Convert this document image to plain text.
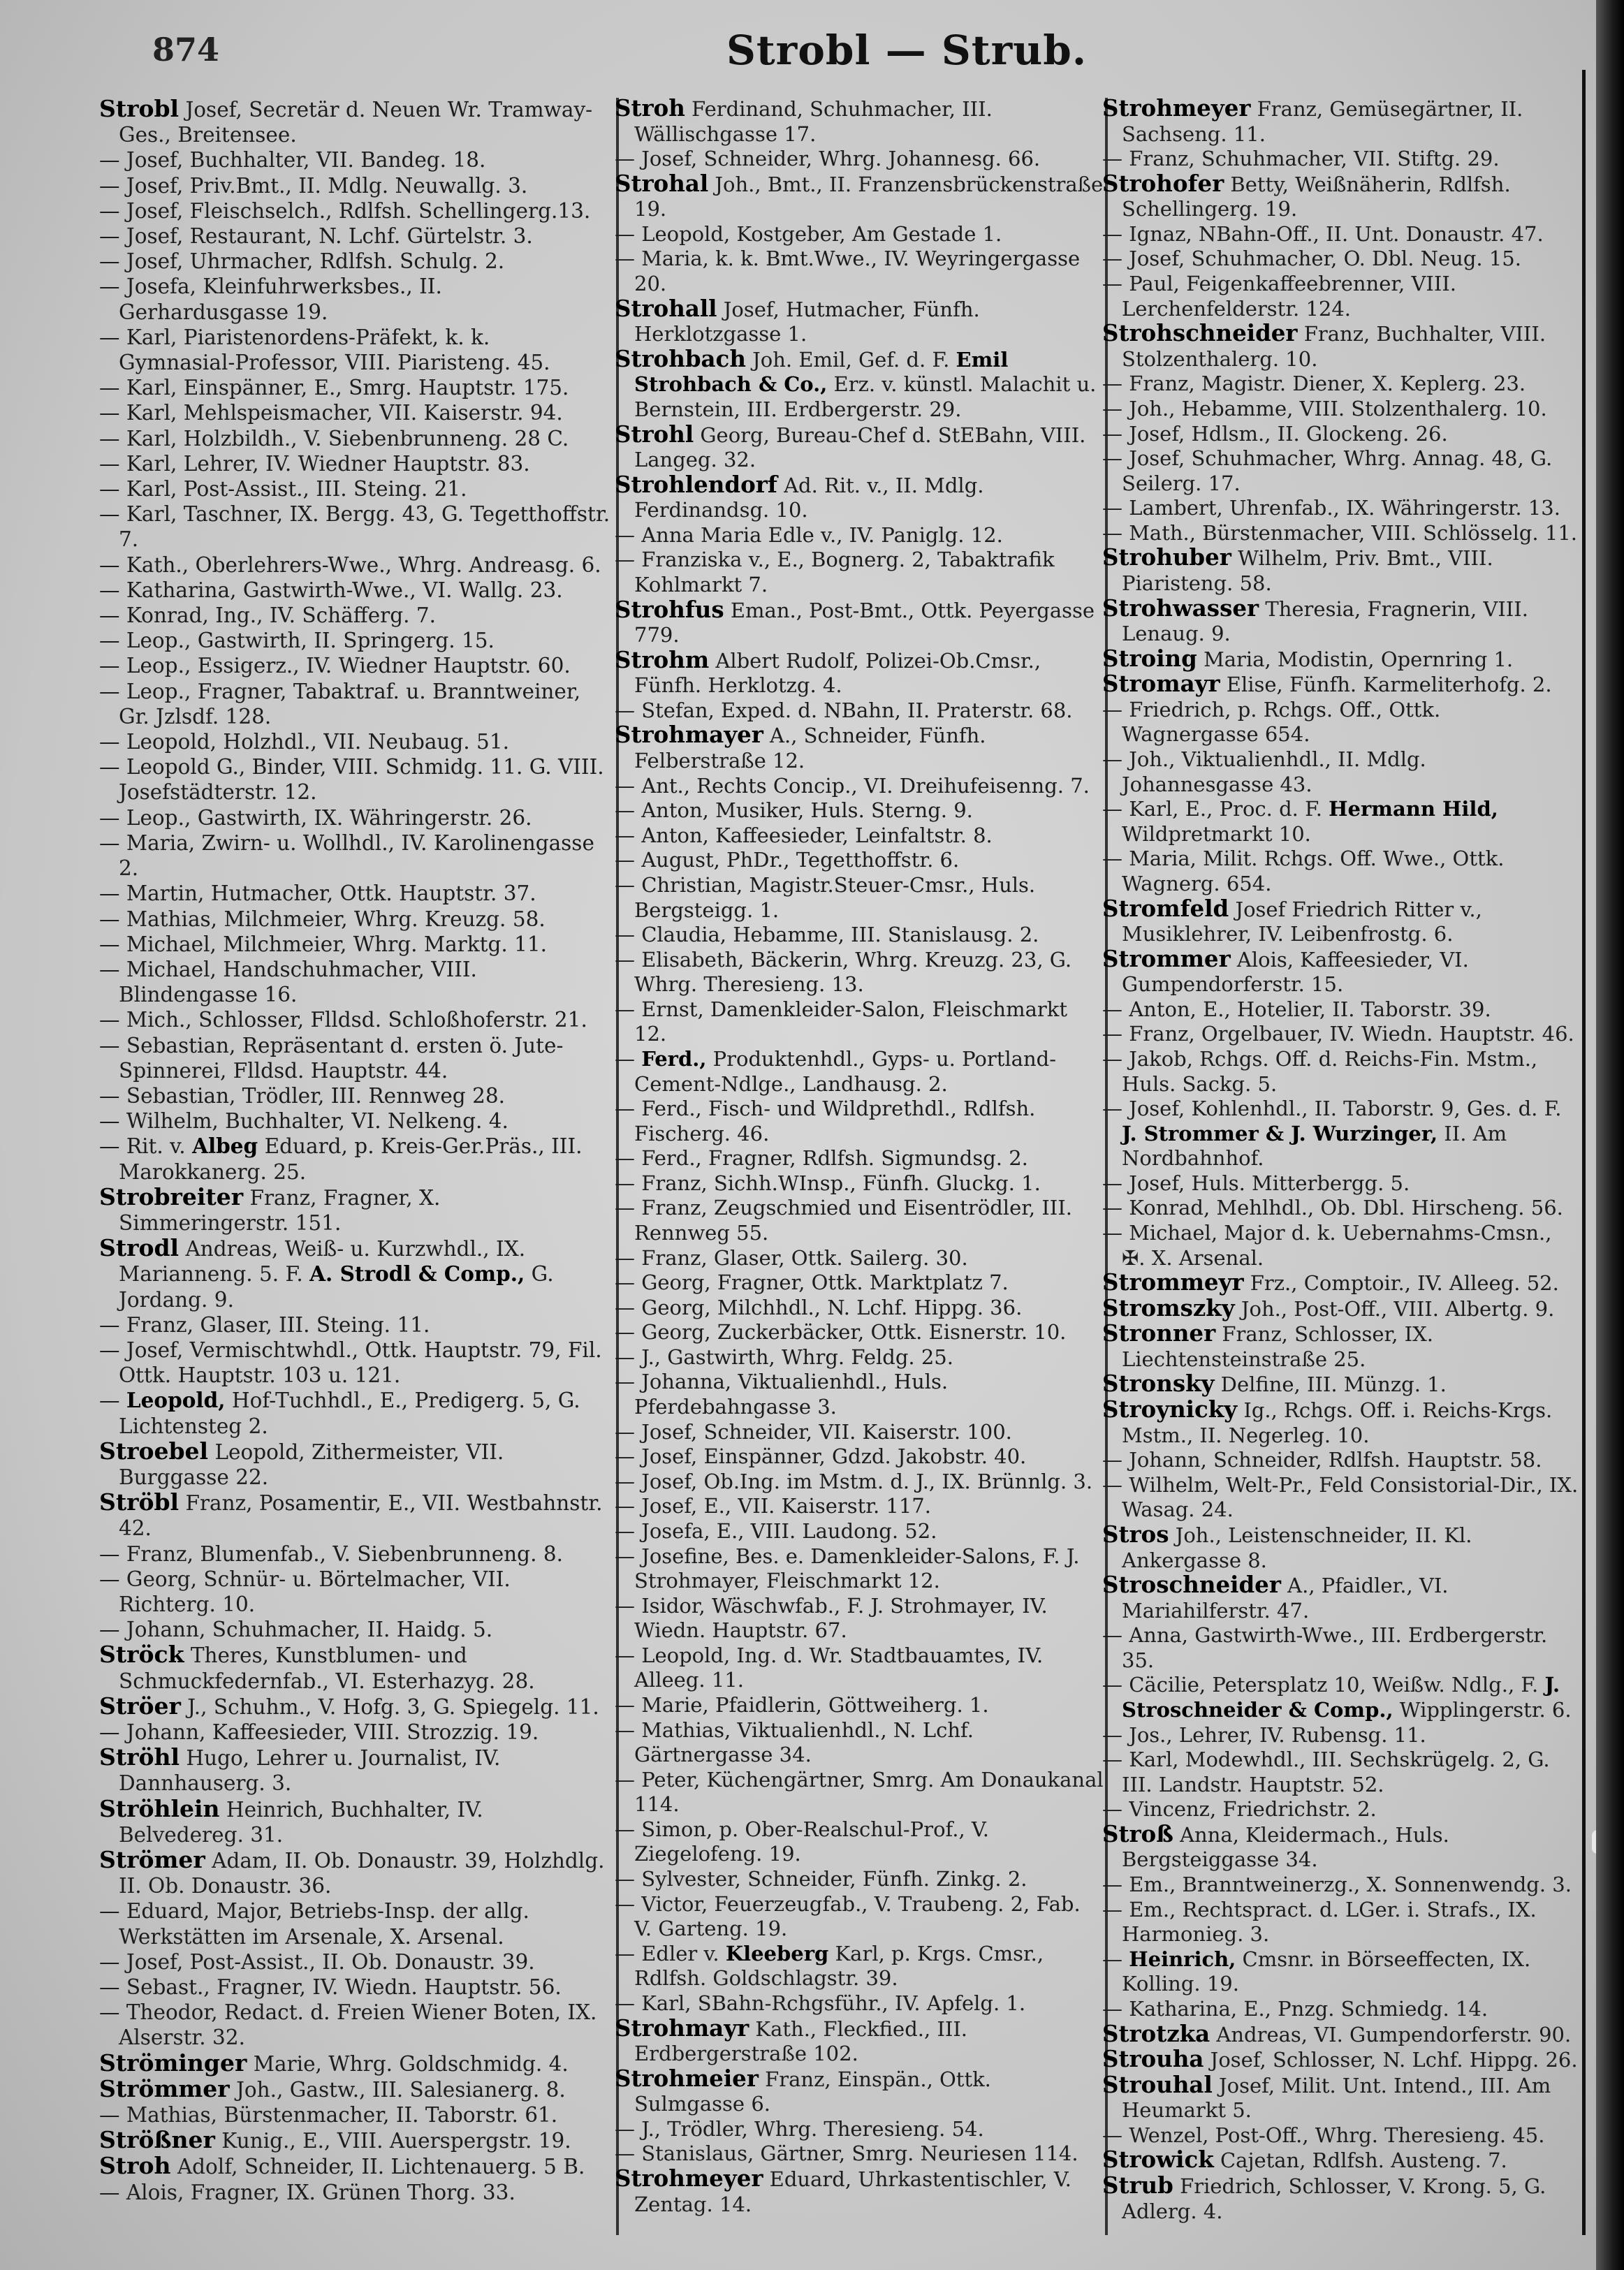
874	Strobl — Strub.
Strobl Josef, Secretär d. Neuen Wr. Tramway-Ges., Breitensee.
— Josef, Buchhalter, VII. Bandeg. 18.
— Josef, Priv.Bmt., II. Mdlg. Neuwallg. 3.
— Josef, Fleischselch., Rdlfsh. Schellingerg.13.
— Josef, Restaurant, N. Lchf. Gürtelstr. 3.
— Josef, Uhrmacher, Rdlfsh. Schulg. 2.
— Josefa, Kleinfuhrwerksbes., II. Gerhardusgasse 19.
— Karl, Piaristenordens-Präfekt, k. k. Gymnasial-Professor, VIII. Piaristeng. 45.
— Karl, Einspänner, E., Smrg. Hauptstr. 175.
— Karl, Mehlspeismacher, VII. Kaiserstr. 94.
— Karl, Holzbildh., V. Siebenbrunneng. 28 C.
— Karl, Lehrer, IV. Wiedner Hauptstr. 83.
— Karl, Post-Assist., III. Steing. 21.
— Karl, Taschner, IX. Bergg. 43, G. Tegetthoffstr. 7.
— Kath., Oberlehrers-Wwe., Whrg. Andreasg. 6.
— Katharina, Gastwirth-Wwe., VI. Wallg. 23.
— Konrad, Ing., IV. Schäfferg. 7.
— Leop., Gastwirth, II. Springerg. 15.
— Leop., Essigerz., IV. Wiedner Hauptstr. 60.
— Leop., Fragner, Tabaktraf. u. Branntweiner, Gr. Jzlsdf. 128.
— Leopold, Holzhdl., VII. Neubaug. 51.
— Leopold G., Binder, VIII. Schmidg. 11. G. VIII. Josefstädterstr. 12.
— Leop., Gastwirth, IX. Währingerstr. 26.
— Maria, Zwirn- u. Wollhdl., IV. Karolinengasse 2.
— Martin, Hutmacher, Ottk. Hauptstr. 37.
— Mathias, Milchmeier, Whrg. Kreuzg. 58.
— Michael, Milchmeier, Whrg. Marktg. 11.
— Michael, Handschuhmacher, VIII. Blindengasse 16.
— Mich., Schlosser, Flldsd. Schloßhoferstr. 21.
— Sebastian, Repräsentant d. ersten ö. Jute-Spinnerei, Flldsd. Hauptstr. 44.
— Sebastian, Trödler, III. Rennweg 28.
— Wilhelm, Buchhalter, VI. Nelkeng. 4.
— Rit. v. Albeg Eduard, p. Kreis-Ger.Präs., III. Marokkanerg. 25.
Strobreiter Franz, Fragner, X. Simmeringerstr. 151.
Strodl Andreas, Weiß- u. Kurzwhdl., IX. Marianneng. 5. F. A. Strodl & Comp., G. Jordang. 9.
— Franz, Glaser, III. Steing. 11.
— Josef, Vermischtwhdl., Ottk. Hauptstr. 79, Fil. Ottk. Hauptstr. 103 u. 121.
— Leopold, Hof-Tuchhdl., E., Predigerg. 5, G. Lichtensteg 2.
Stroebel Leopold, Zithermeister, VII. Burggasse 22.
Ströbl Franz, Posamentir, E., VII. Westbahnstr. 42.
— Franz, Blumenfab., V. Siebenbrunneng. 8.
— Georg, Schnür- u. Börtelmacher, VII. Richterg. 10.
— Johann, Schuhmacher, II. Haidg. 5.
Ströck Theres, Kunstblumen- und Schmuckfedernfab., VI. Esterhazyg. 28.
Ströer J., Schuhm., V. Hofg. 3, G. Spiegelg. 11.
— Johann, Kaffeesieder, VIII. Strozzig. 19.
Ströhl Hugo, Lehrer u. Journalist, IV. Dannhauserg. 3.
Ströhlein Heinrich, Buchhalter, IV. Belvedereg. 31.
Strömer Adam, II. Ob. Donaustr. 39, Holzhdlg. II. Ob. Donaustr. 36.
— Eduard, Major, Betriebs-Insp. der allg. Werkstätten im Arsenale, X. Arsenal.
— Josef, Post-Assist., II. Ob. Donaustr. 39.
— Sebast., Fragner, IV. Wiedn. Hauptstr. 56.
— Theodor, Redact. d. Freien Wiener Boten, IX. Alserstr. 32.
Ströminger Marie, Whrg. Goldschmidg. 4.
Strömmer Joh., Gastw., III. Salesianerg. 8.
— Mathias, Bürstenmacher, II. Taborstr. 61.
Strößner Kunig., E., VIII. Auerspergstr. 19.
Stroh Adolf, Schneider, II. Lichtenauerg. 5 B.
— Alois, Fragner, IX. Grünen Thorg. 33.
Stroh Ferdinand, Schuhmacher, III. Wällischgasse 17.
— Josef, Schneider, Whrg. Johannesg. 66.
Strohal Joh., Bmt., II. Franzensbrückenstraße 19.
— Leopold, Kostgeber, Am Gestade 1.
— Maria, k. k. Bmt.Wwe., IV. Weyringergasse 20.
Strohall Josef, Hutmacher, Fünfh. Herklotzgasse 1.
Strohbach Joh. Emil, Gef. d. F. Emil Strohbach & Co., Erz. v. künstl. Malachit u. Bernstein, III. Erdbergerstr. 29.
Strohl Georg, Bureau-Chef d. StEBahn, VIII. Langeg. 32.
Strohlendorf Ad. Rit. v., II. Mdlg. Ferdinandsg. 10.
— Anna Maria Edle v., IV. Paniglg. 12.
— Franziska v., E., Bognerg. 2, Tabaktrafik Kohlmarkt 7.
Strohfus Eman., Post-Bmt., Ottk. Peyergasse 779.
Strohm Albert Rudolf, Polizei-Ob.Cmsr., Fünfh. Herklotzg. 4.
— Stefan, Exped. d. NBahn, II. Praterstr. 68.
Strohmayer A., Schneider, Fünfh. Felberstraße 12.
— Ant., Rechts Concip., VI. Dreihufeisenng. 7.
— Anton, Musiker, Huls. Sterng. 9.
— Anton, Kaffeesieder, Leinfaltstr. 8.
— August, PhDr., Tegetthoffstr. 6.
— Christian, Magistr.Steuer-Cmsr., Huls. Bergsteigg. 1.
— Claudia, Hebamme, III. Stanislausg. 2.
— Elisabeth, Bäckerin, Whrg. Kreuzg. 23, G. Whrg. Theresieng. 13.
— Ernst, Damenkleider-Salon, Fleischmarkt 12.
— Ferd., Produktenhdl., Gyps- u. Portland-Cement-Ndlge., Landhausg. 2.
— Ferd., Fisch- und Wildprethdl., Rdlfsh. Fischerg. 46.
— Ferd., Fragner, Rdlfsh. Sigmundsg. 2.
— Franz, Sichh.WInsp., Fünfh. Gluckg. 1.
— Franz, Zeugschmied und Eisentrödler, III. Rennweg 55.
— Franz, Glaser, Ottk. Sailerg. 30.
— Georg, Fragner, Ottk. Marktplatz 7.
— Georg, Milchhdl., N. Lchf. Hippg. 36.
— Georg, Zuckerbäcker, Ottk. Eisnerstr. 10.
— J., Gastwirth, Whrg. Feldg. 25.
— Johanna, Viktualienhdl., Huls. Pferdebahngasse 3.
— Josef, Schneider, VII. Kaiserstr. 100.
— Josef, Einspänner, Gdzd. Jakobstr. 40.
— Josef, Ob.Ing. im Mstm. d. J., IX. Brünnlg. 3.
— Josef, E., VII. Kaiserstr. 117.
— Josefa, E., VIII. Laudong. 52.
— Josefine, Bes. e. Damenkleider-Salons, F. J. Strohmayer, Fleischmarkt 12.
— Isidor, Wäschwfab., F. J. Strohmayer, IV. Wiedn. Hauptstr. 67.
— Leopold, Ing. d. Wr. Stadtbauamtes, IV. Alleeg. 11.
— Marie, Pfaidlerin, Göttweiherg. 1.
— Mathias, Viktualienhdl., N. Lchf. Gärtnergasse 34.
— Peter, Küchengärtner, Smrg. Am Donaukanal 114.
— Simon, p. Ober-Realschul-Prof., V. Ziegelofeng. 19.
— Sylvester, Schneider, Fünfh. Zinkg. 2.
— Victor, Feuerzeugfab., V. Traubeng. 2, Fab. V. Garteng. 19.
— Edler v. Kleeberg Karl, p. Krgs. Cmsr., Rdlfsh. Goldschlagstr. 39.
— Karl, SBahn-Rchgsführ., IV. Apfelg. 1.
Strohmayr Kath., Fleckfied., III. Erdbergerstraße 102.
Strohmeier Franz, Einspän., Ottk. Sulmgasse 6.
— J., Trödler, Whrg. Theresieng. 54.
— Stanislaus, Gärtner, Smrg. Neuriesen 114.
Strohmeyer Eduard, Uhrkastentischler, V. Zentag. 14.
Strohmeyer Franz, Gemüsegärtner, II. Sachseng. 11.
— Franz, Schuhmacher, VII. Stiftg. 29.
Strohofer Betty, Weißnäherin, Rdlfsh. Schellingerg. 19.
— Ignaz, NBahn-Off., II. Unt. Donaustr. 47.
— Josef, Schuhmacher, O. Dbl. Neug. 15.
— Paul, Feigenkaffeebrenner, VIII. Lerchenfelderstr. 124.
Strohschneider Franz, Buchhalter, VIII. Stolzenthalerg. 10.
— Franz, Magistr. Diener, X. Keplerg. 23.
— Joh., Hebamme, VIII. Stolzenthalerg. 10.
— Josef, Hdlsm., II. Glockeng. 26.
— Josef, Schuhmacher, Whrg. Annag. 48, G. Seilerg. 17.
— Lambert, Uhrenfab., IX. Währingerstr. 13.
— Math., Bürstenmacher, VIII. Schlösselg. 11.
Strohuber Wilhelm, Priv. Bmt., VIII. Piaristeng. 58.
Strohwasser Theresia, Fragnerin, VIII. Lenaug. 9.
Stroing Maria, Modistin, Opernring 1.
Stromayr Elise, Fünfh. Karmeliterhofg. 2.
— Friedrich, p. Rchgs. Off., Ottk. Wagnergasse 654.
— Joh., Viktualienhdl., II. Mdlg. Johannesgasse 43.
— Karl, E., Proc. d. F. Hermann Hild, Wildpretmarkt 10.
— Maria, Milit. Rchgs. Off. Wwe., Ottk. Wagnerg. 654.
Stromfeld Josef Friedrich Ritter v., Musiklehrer, IV. Leibenfrostg. 6.
Strommer Alois, Kaffeesieder, VI. Gumpendorferstr. 15.
— Anton, E., Hotelier, II. Taborstr. 39.
— Franz, Orgelbauer, IV. Wiedn. Hauptstr. 46.
— Jakob, Rchgs. Off. d. Reichs-Fin. Mstm., Huls. Sackg. 5.
— Josef, Kohlenhdl., II. Taborstr. 9, Ges. d. F. J. Strommer & J. Wurzinger, II. Am Nordbahnhof.
— Josef, Huls. Mitterbergg. 5.
— Konrad, Mehlhdl., Ob. Dbl. Hirscheng. 56.
— Michael, Major d. k. Uebernahms-Cmsn., ✠. X. Arsenal.
Strommeyr Frz., Comptoir., IV. Alleeg. 52.
Stromszky Joh., Post-Off., VIII. Albertg. 9.
Stronner Franz, Schlosser, IX. Liechtensteinstraße 25.
Stronsky Delfine, III. Münzg. 1.
Stroynicky Ig., Rchgs. Off. i. Reichs-Krgs. Mstm., II. Negerleg. 10.
— Johann, Schneider, Rdlfsh. Hauptstr. 58.
— Wilhelm, Welt-Pr., Feld Consistorial-Dir., IX. Wasag. 24.
Stros Joh., Leistenschneider, II. Kl. Ankergasse 8.
Stroschneider A., Pfaidler., VI. Mariahilferstr. 47.
— Anna, Gastwirth-Wwe., III. Erdbergerstr. 35.
— Cäcilie, Petersplatz 10, Weißw. Ndlg., F. J. Stroschneider & Comp., Wipplingerstr. 6.
— Jos., Lehrer, IV. Rubensg. 11.
— Karl, Modewhdl., III. Sechskrügelg. 2, G. III. Landstr. Hauptstr. 52.
— Vincenz, Friedrichstr. 2.
Stroß Anna, Kleidermach., Huls. Bergsteiggasse 34.
— Em., Branntweinerzg., X. Sonnenwendg. 3.
— Em., Rechtspract. d. LGer. i. Strafs., IX. Harmonieg. 3.
— Heinrich, Cmsnr. in Börseeffecten, IX. Kolling. 19.
— Katharina, E., Pnzg. Schmiedg. 14.
Strotzka Andreas, VI. Gumpendorferstr. 90.
Strouha Josef, Schlosser, N. Lchf. Hippg. 26.
Strouhal Josef, Milit. Unt. Intend., III. Am Heumarkt 5.
— Wenzel, Post-Off., Whrg. Theresieng. 45.
Strowick Cajetan, Rdlfsh. Austeng. 7.
Strub Friedrich, Schlosser, V. Krong. 5, G. Adlerg. 4.
